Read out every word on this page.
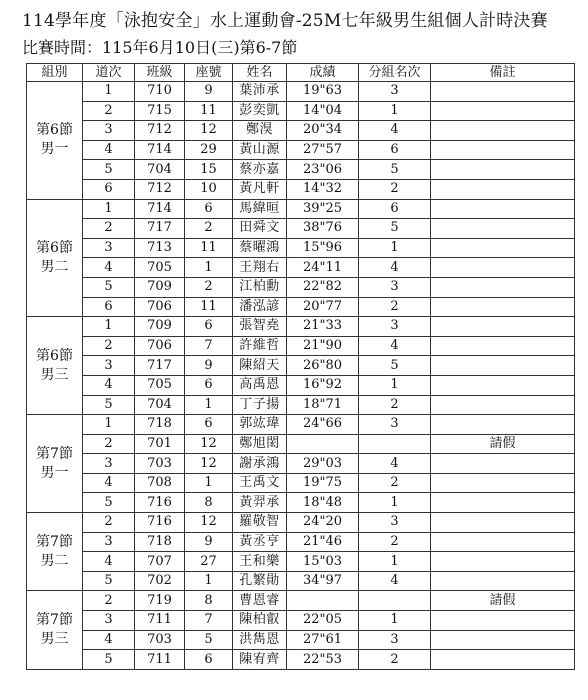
114學年度「泳抱安全」水上運動會-25M七年級男生組個人計時決賽
比賽時間：115年6月10日(三)第6-7節
組別	道次	班級	座號	姓名	成績	分組名次	備註

第6節
男一	1	710	9	葉沛承	19"63	3	
	2	715	11	彭奕凱	14"04	1	
	3	712	12	鄭湨	20"34	4	
	4	714	29	黃山源	27"57	6	
	5	704	15	蔡亦嘉	23"06	5	
	6	712	10	黃凡軒	14"32	2	

第6節
男二	1	714	6	馬緯晅	39"25	6	
	2	717	2	田舜文	38"76	5	
	3	713	11	蔡曜鴻	15"96	1	
	4	705	1	王翔右	24"11	4	
	5	709	2	江柏勳	22"82	3	
	6	706	11	潘泓諺	20"77	2	

第6節
男三	1	709	6	張智堯	21"33	3	
	2	706	7	許維哲	21"90	4	
	3	717	9	陳紹天	26"80	5	
	4	705	6	高禹恩	16"92	1	
	5	704	1	丁子揚	18"71	2	

第7節
男一	1	718	6	郭竑瑋	24"66	3	
	2	701	12	鄭旭閎			請假
	3	703	12	謝承鴻	29"03	4	
	4	708	1	王禹文	19"75	2	
	5	716	8	黃羿承	18"48	1	

第7節
男二	2	716	12	羅敬智	24"20	3	
	3	718	9	黃丞亨	21"46	2	
	4	707	27	王和樂	15"03	1	
	5	702	1	孔繁勛	34"97	4	

第7節
男三	2	719	8	曹恩睿			請假
	3	711	7	陳柏叡	22"05	1	
	4	703	5	洪雋恩	27"61	3	
	5	711	6	陳宥齊	22"53	2	
